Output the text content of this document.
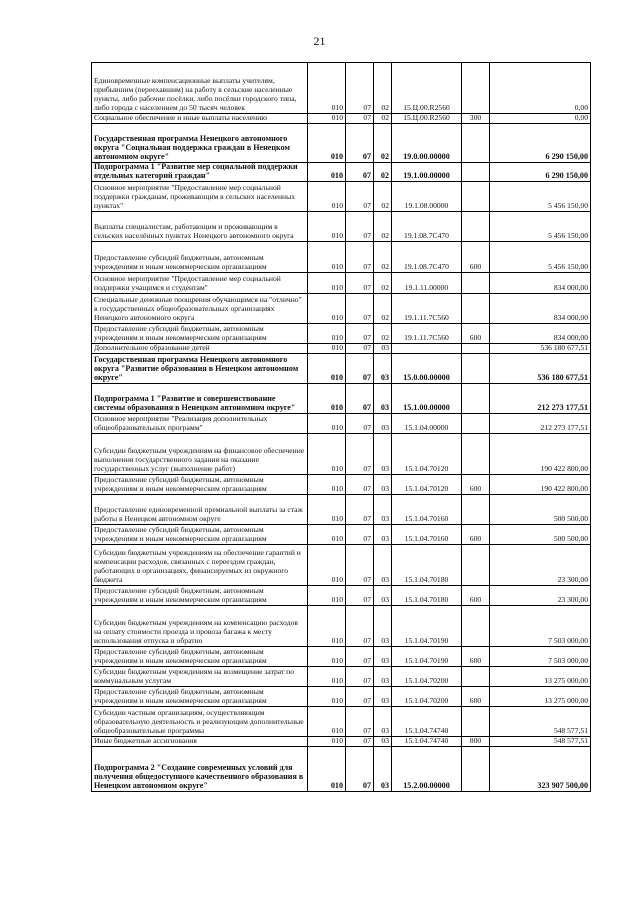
21
Единовременные компенсационные выплаты учителям, прибывшим (переехавшим) на работу в сельские населенные пункты, либо рабочие посёлки, либо посёлки городского типа, либо города с населением до 50 тысяч человек	010	07	02	15.Ц.00.R2560		0,00
Социальное обеспечение и иные выплаты населению	010	07	02	15.Ц.00.R2560	300	0,00
Государственная программа Ненецкого автономного округа "Социальная поддержка граждан в Ненецком автономном округе"	010	07	02	19.0.00.00000		6 290 150,00
Подпрограмма 1 "Развитие мер социальной поддержки отдельных категорий граждан"	010	07	02	19.1.00.00000		6 290 150,00
Основное мероприятие "Предоставление мер социальной поддержки гражданам, проживающим в сельских населенных пунктах"	010	07	02	19.1.08.00000		5 456 150,00
Выплаты специалистам, работающим и проживающим в сельских населённых пунктах Ненецкого автономного округа	010	07	02	19.1.08.7С470		5 456 150,00
Предоставление субсидий бюджетным, автономным учреждениям и иным некоммерческим организациям	010	07	02	19.1.08.7С470	600	5 456 150,00
Основное мероприятие "Предоставление мер социальной поддержки учащимся и студентам"	010	07	02	19.1.11.00000		834 000,00
Специальные денежные поощрения обучающимся на "отлично" в государственных общеобразовательных организациях Ненецкого автономного округа	010	07	02	19.1.11.7С560		834 000,00
Предоставление субсидий бюджетным, автономным учреждениям и иным некоммерческим организациям	010	07	02	19.1.11.7С560	600	834 000,00
Дополнительное образование детей	010	07	03			536 180 677,51
Государственная программа Ненецкого автономного округа "Развитие образования в Ненецком автономном округе"	010	07	03	15.0.00.00000		536 180 677,51
Подпрограмма 1 "Развитие и совершенствование системы образования в Ненецком автономном округе"	010	07	03	15.1.00.00000		212 273 177,51
Основное мероприятие "Реализация дополнительных общеобразовательных программ"	010	07	03	15.1.04.00000		212 273 177,51
Субсидии бюджетным учреждениям на финансовое обеспечение выполнения государственного задания на оказание государственных услуг (выполнение работ)	010	07	03	15.1.04.70120		190 422 800,00
Предоставление субсидий бюджетным, автономным учреждениям и иным некоммерческим организациям	010	07	03	15.1.04.70120	600	190 422 800,00
Предоставление единовременной премиальной выплаты за стаж работы в Ненецком автономном округе	010	07	03	15.1.04.70160		500 500,00
Предоставление субсидий бюджетным, автономным учреждениям и иным некоммерческим организациям	010	07	03	15.1.04.70160	600	500 500,00
Субсидии бюджетным учреждениям на обеспечение гарантий и компенсации расходов, связанных с переездом граждан, работающих в организациях, финансируемых из окружного бюджета	010	07	03	15.1.04.70180		23 300,00
Предоставление субсидий бюджетным, автономным учреждениям и иным некоммерческим организациям	010	07	03	15.1.04.70180	600	23 300,00
Субсидии бюджетным учреждениям на компенсацию расходов на оплату стоимости проезда и провоза багажа к месту использования отпуска и обратно	010	07	03	15.1.04.70190		7 503 000,00
Предоставление субсидий бюджетным, автономным учреждениям и иным некоммерческим организациям	010	07	03	15.1.04.70190	600	7 503 000,00
Субсидии бюджетным учреждениям на возмещение затрат по коммунальным услугам	010	07	03	15.1.04.70200		13 275 000,00
Предоставление субсидий бюджетным, автономным учреждениям и иным некоммерческим организациям	010	07	03	15.1.04.70200	600	13 275 000,00
Субсидии частным организациям, осуществляющим образовательную деятельность и реализующим дополнительные общеобразовательные программы	010	07	03	15.1.04.74740		548 577,51
Иные бюджетные ассигнования	010	07	03	15.1.04.74740	800	548 577,51
Подпрограмма 2 "Создание современных условий для получения общедоступного качественного образования в Ненецком автономном округе"	010	07	03	15.2.00.00000		323 907 500,00
